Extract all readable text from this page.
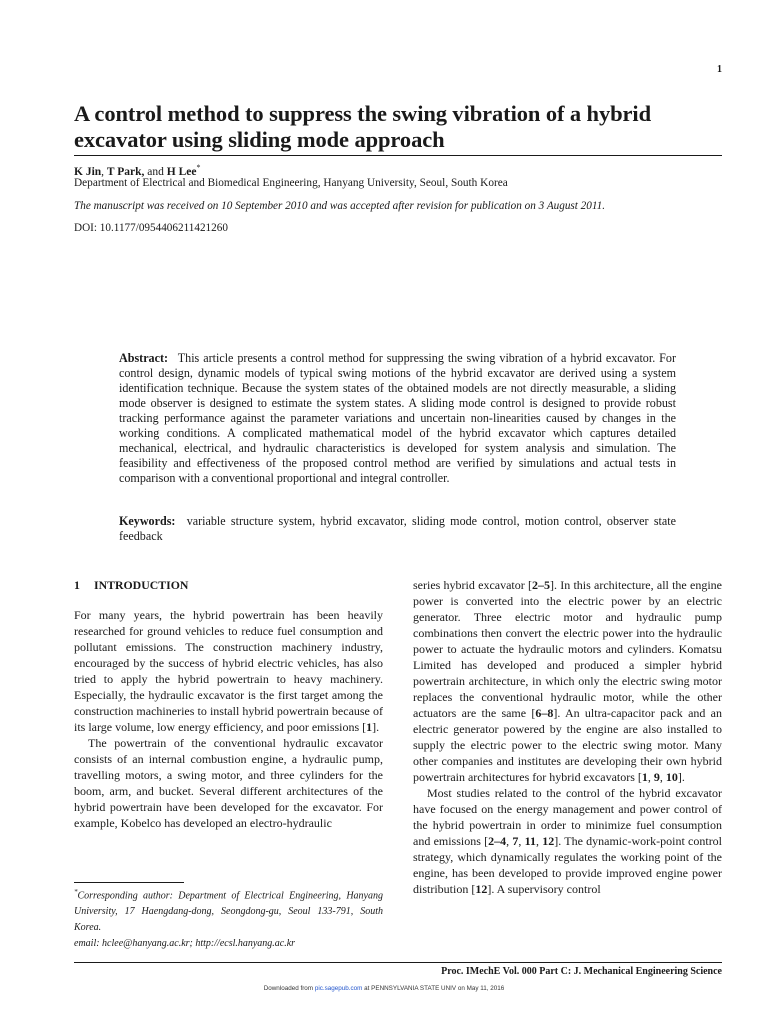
1
A control method to suppress the swing vibration of a hybrid excavator using sliding mode approach
K Jin, T Park, and H Lee*
Department of Electrical and Biomedical Engineering, Hanyang University, Seoul, South Korea
The manuscript was received on 10 September 2010 and was accepted after revision for publication on 3 August 2011.
DOI: 10.1177/0954406211421260

Abstract: This article presents a control method for suppressing the swing vibration of a hybrid excavator. For control design, dynamic models of typical swing motions of the hybrid excavator are derived using a system identification technique. Because the system states of the obtained models are not directly measurable, a sliding mode observer is designed to estimate the system states. A sliding mode control is designed to provide robust tracking performance against the parameter variations and uncertain non-linearities caused by changes in the working conditions. A complicated mathematical model of the hybrid excavator which captures detailed mechanical, electrical, and hydraulic characteristics is developed for system analysis and simulation. The feasibility and effectiveness of the proposed control method are verified by simulations and actual tests in comparison with a conventional proportional and integral controller.

Keywords: variable structure system, hybrid excavator, sliding mode control, motion control, observer state feedback

1 INTRODUCTION

For many years, the hybrid powertrain has been heavily researched for ground vehicles to reduce fuel consumption and pollutant emissions. The construction machinery industry, encouraged by the success of hybrid electric vehicles, has also tried to apply the hybrid powertrain to heavy machinery. Especially, the hydraulic excavator is the first target among the construction machineries to install hybrid powertrain because of its large volume, low energy efficiency, and poor emissions [1].

The powertrain of the conventional hydraulic excavator consists of an internal combustion engine, a hydraulic pump, travelling motors, a swing motor, and three cylinders for the boom, arm, and bucket. Several different architectures of the hybrid powertrain have been developed for the excavator. For example, Kobelco has developed an electro-hydraulic

series hybrid excavator [2–5]. In this architecture, all the engine power is converted into the electric power by an electric generator. Three electric motor and hydraulic pump combinations then convert the electric power into the hydraulic power to actuate the hydraulic motors and cylinders. Komatsu Limited has developed and produced a simpler hybrid powertrain architecture, in which only the electric swing motor replaces the conventional hydraulic motor, while the other actuators are the same [6–8]. An ultra-capacitor pack and an electric generator powered by the engine are also installed to supply the electric power to the electric swing motor. Many other companies and institutes are developing their own hybrid powertrain architectures for hybrid excavators [1, 9, 10].

Most studies related to the control of the hybrid excavator have focused on the energy management and power control of the hybrid powertrain in order to minimize fuel consumption and emissions [2–4, 7, 11, 12]. The dynamic-work-point control strategy, which dynamically regulates the working point of the engine, has been developed to provide improved engine power distribution [12]. A supervisory control

*Corresponding author: Department of Electrical Engineering, Hanyang University, 17 Haengdang-dong, Seongdong-gu, Seoul 133-791, South Korea.
email: hclee@hanyang.ac.kr; http://ecsl.hanyang.ac.kr
Proc. IMechE Vol. 000 Part C: J. Mechanical Engineering Science
Downloaded from pic.sagepub.com at PENNSYLVANIA STATE UNIV on May 11, 2016
